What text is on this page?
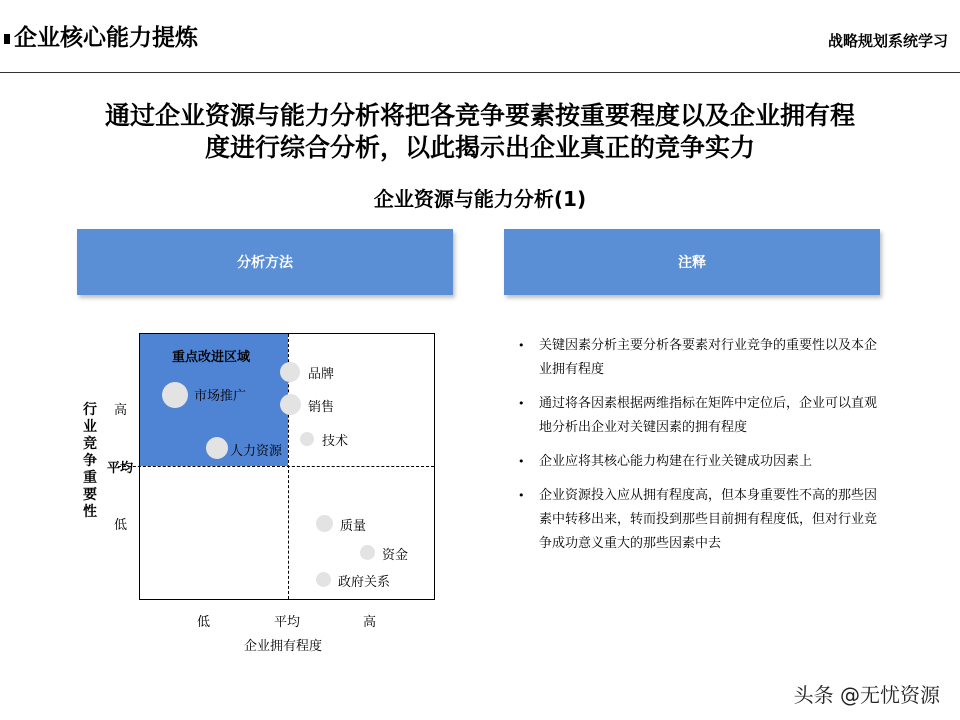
企业核心能力提炼	战略规划系统学习
通过企业资源与能力分析将把各竞争要素按重要程度以及企业拥有程
度进行综合分析，以此揭示出企业真正的竞争实力
企业资源与能力分析(1)
分析方法	注释
行
业
竞
争
重
要
性
高
平均
低
重点改进区域
市场推广
人力资源
品牌
销售
技术
质量
资金
政府关系
低	平均	高
企业拥有程度
• 关键因素分析主要分析各要素对行业竞争的重要性以及本企业拥有程度
• 通过将各因素根据两维指标在矩阵中定位后，企业可以直观地分析出企业对关键因素的拥有程度
• 企业应将其核心能力构建在行业关键成功因素上
• 企业资源投入应从拥有程度高，但本身重要性不高的那些因素中转移出来，转而投到那些目前拥有程度低，但对行业竞争成功意义重大的那些因素中去
头条 @无忧资源
